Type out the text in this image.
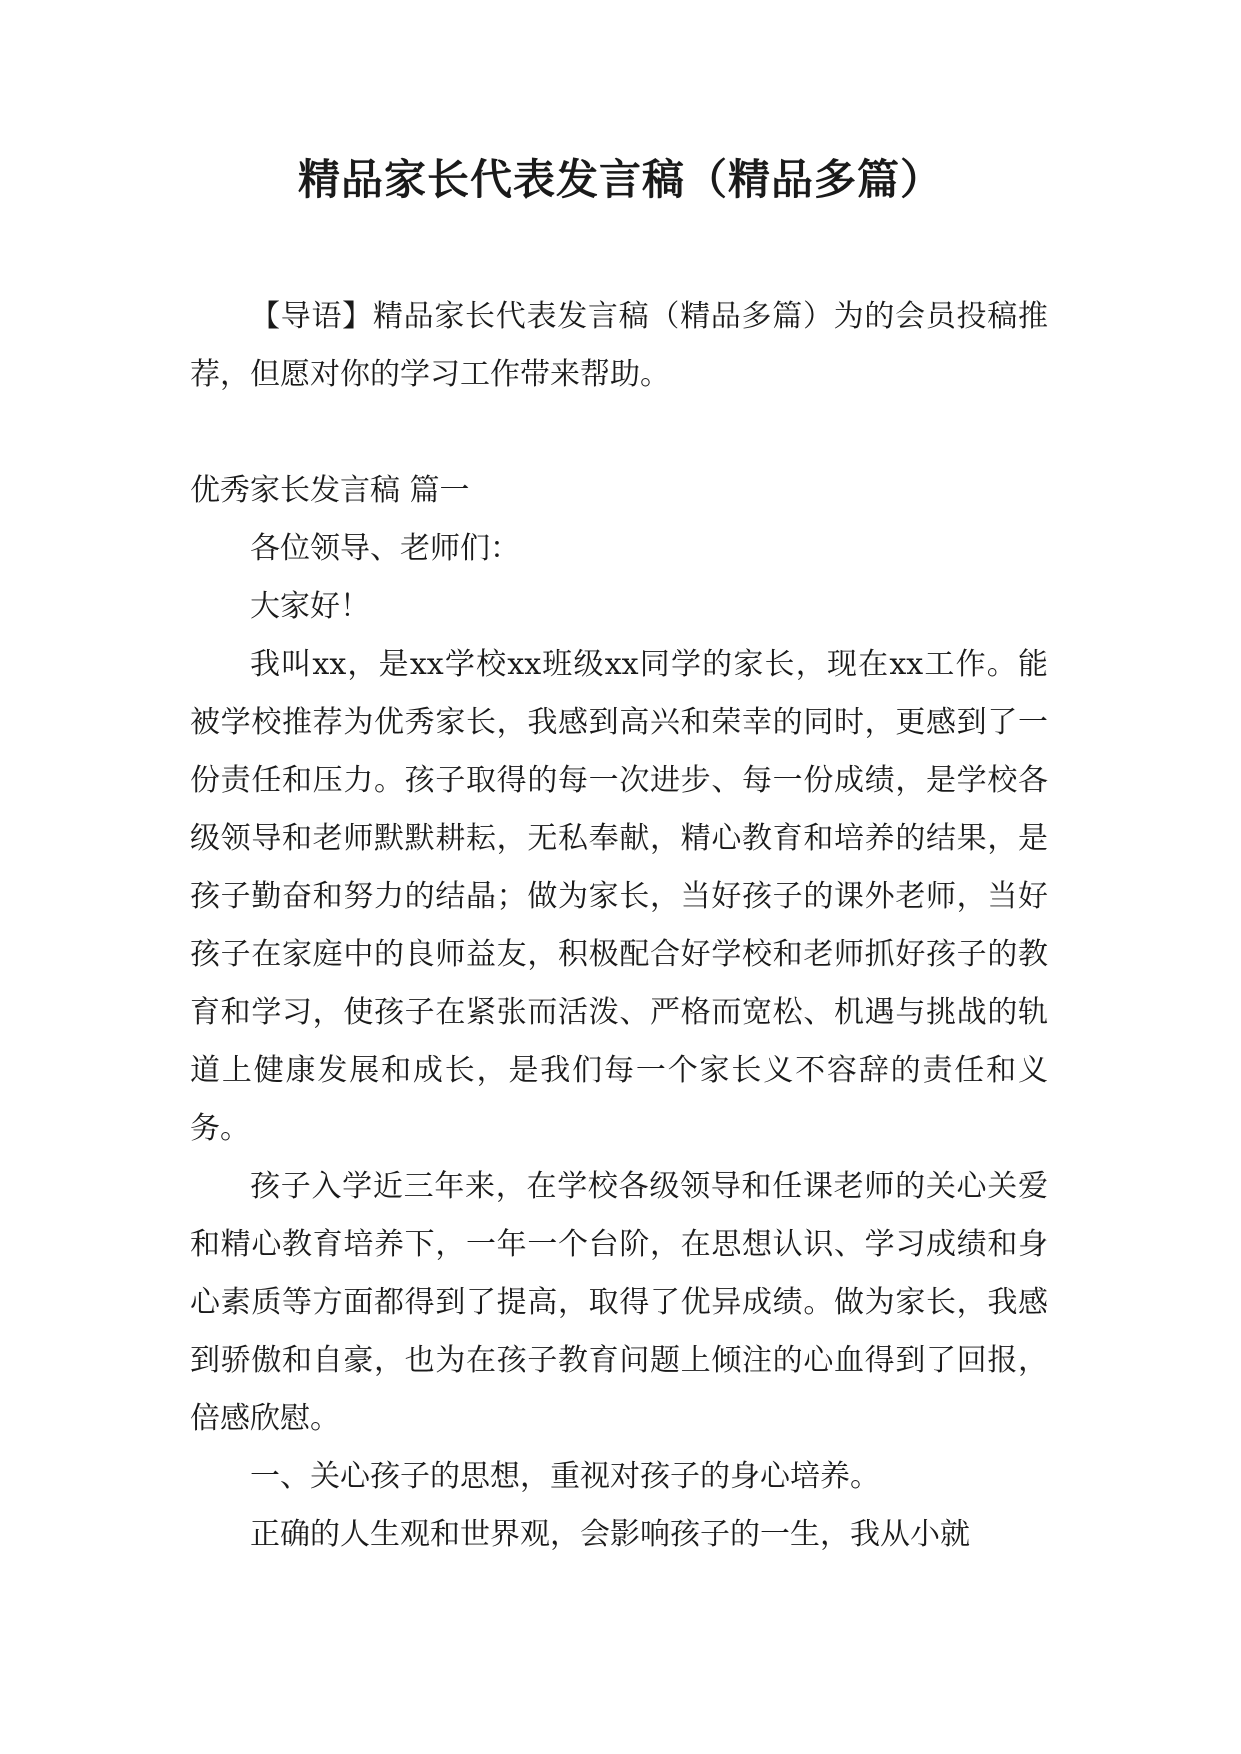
精品家长代表发言稿（精品多篇）

【导语】精品家长代表发言稿（精品多篇）为的会员投稿推荐，但愿对你的学习工作带来帮助。

优秀家长发言稿 篇一

各位领导、老师们：

大家好！

我叫xx，是xx学校xx班级xx同学的家长，现在xx工作。能被学校推荐为优秀家长，我感到高兴和荣幸的同时，更感到了一份责任和压力。孩子取得的每一次进步、每一份成绩，是学校各级领导和老师默默耕耘，无私奉献，精心教育和培养的结果，是孩子勤奋和努力的结晶；做为家长，当好孩子的课外老师，当好孩子在家庭中的良师益友，积极配合好学校和老师抓好孩子的教育和学习，使孩子在紧张而活泼、严格而宽松、机遇与挑战的轨道上健康发展和成长，是我们每一个家长义不容辞的责任和义务。

孩子入学近三年来，在学校各级领导和任课老师的关心关爱和精心教育培养下，一年一个台阶，在思想认识、学习成绩和身心素质等方面都得到了提高，取得了优异成绩。做为家长，我感到骄傲和自豪，也为在孩子教育问题上倾注的心血得到了回报，倍感欣慰。

一、关心孩子的思想，重视对孩子的身心培养。

正确的人生观和世界观，会影响孩子的一生，我从小就
